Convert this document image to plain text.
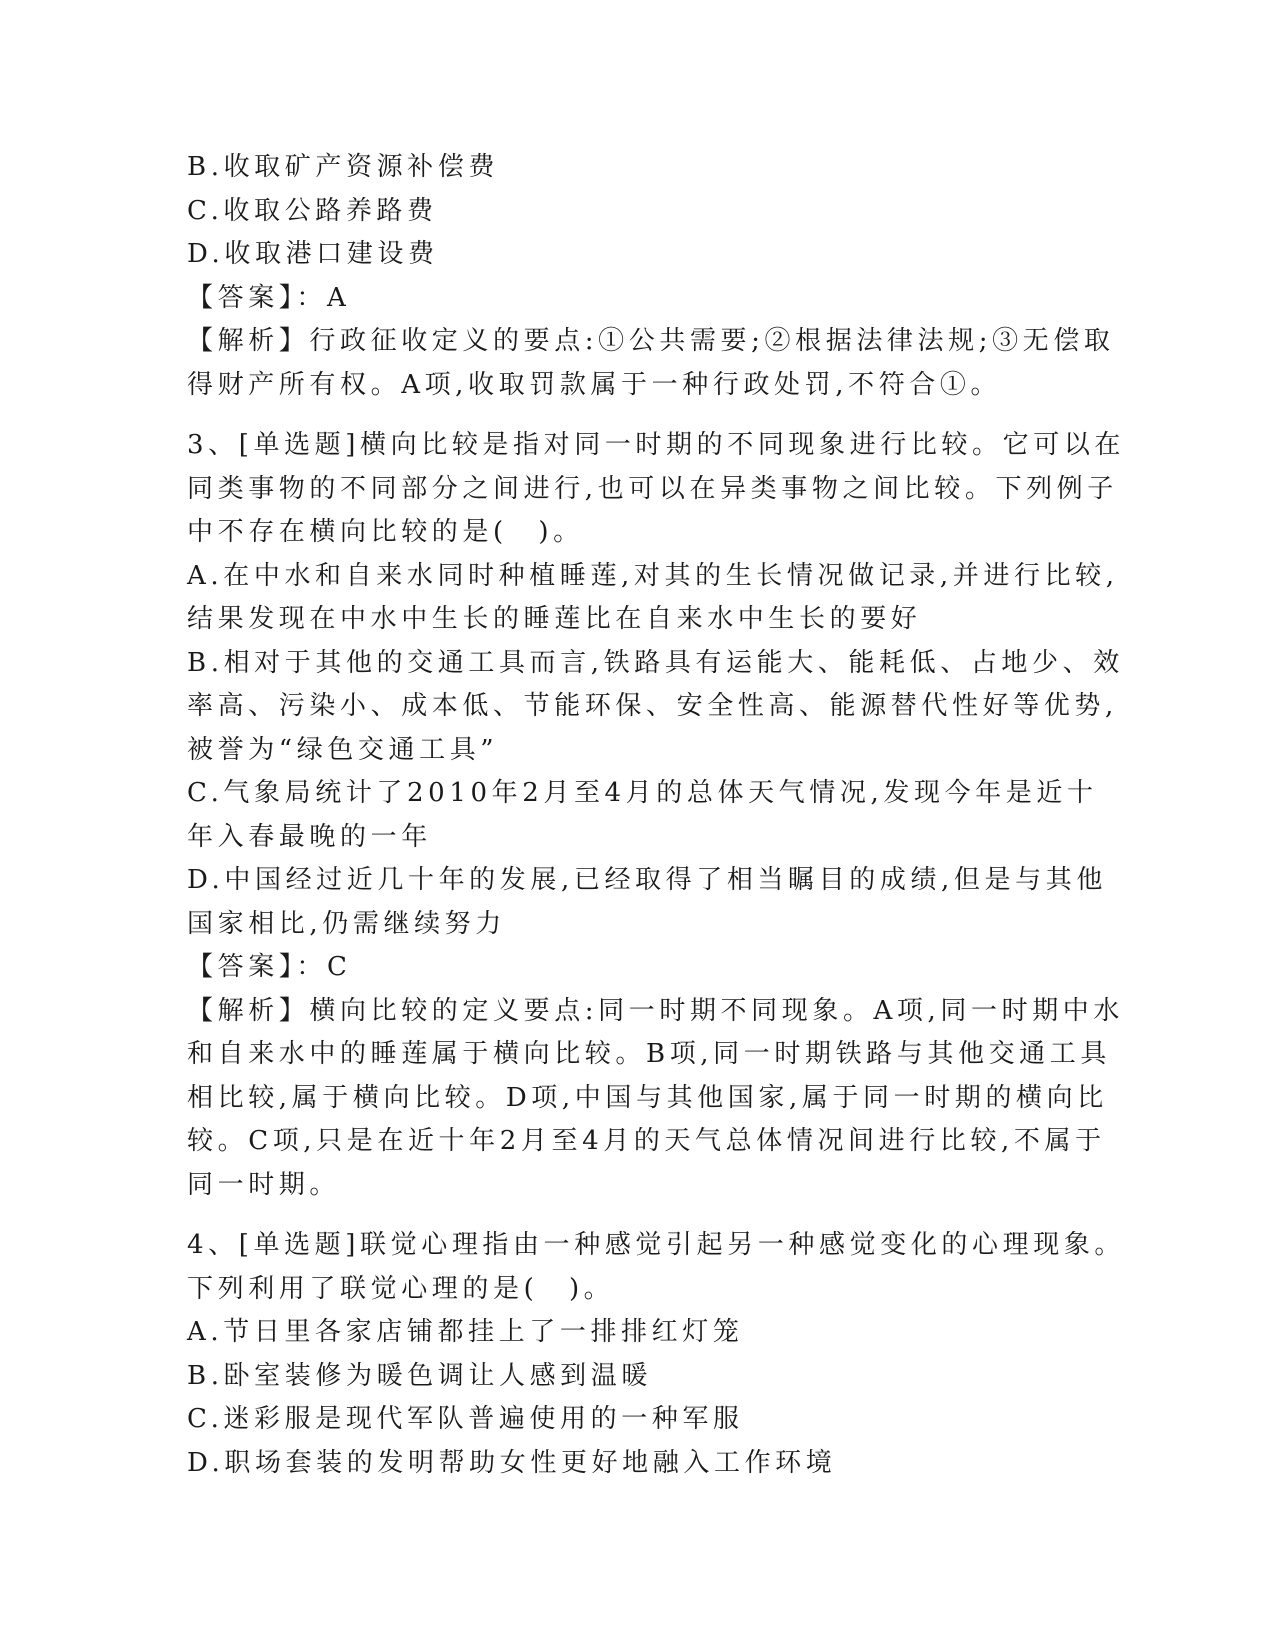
B.收取矿产资源补偿费
C.收取公路养路费
D.收取港口建设费
【答案】：A
【解析】行政征收定义的要点:①公共需要;②根据法律法规;③无偿取
得财产所有权。A项,收取罚款属于一种行政处罚,不符合①。
3、[单选题]横向比较是指对同一时期的不同现象进行比较。它可以在
同类事物的不同部分之间进行,也可以在异类事物之间比较。下列例子
中不存在横向比较的是(　)。
A.在中水和自来水同时种植睡莲,对其的生长情况做记录,并进行比较,
结果发现在中水中生长的睡莲比在自来水中生长的要好
B.相对于其他的交通工具而言,铁路具有运能大、能耗低、占地少、效
率高、污染小、成本低、节能环保、安全性高、能源替代性好等优势,
被誉为“绿色交通工具”
C.气象局统计了2010年2月至4月的总体天气情况,发现今年是近十
年入春最晚的一年
D.中国经过近几十年的发展,已经取得了相当瞩目的成绩,但是与其他
国家相比,仍需继续努力
【答案】：C
【解析】横向比较的定义要点:同一时期不同现象。A项,同一时期中水
和自来水中的睡莲属于横向比较。B项,同一时期铁路与其他交通工具
相比较,属于横向比较。D项,中国与其他国家,属于同一时期的横向比
较。C项,只是在近十年2月至4月的天气总体情况间进行比较,不属于
同一时期。
4、[单选题]联觉心理指由一种感觉引起另一种感觉变化的心理现象。
下列利用了联觉心理的是(　)。
A.节日里各家店铺都挂上了一排排红灯笼
B.卧室装修为暖色调让人感到温暖
C.迷彩服是现代军队普遍使用的一种军服
D.职场套装的发明帮助女性更好地融入工作环境
